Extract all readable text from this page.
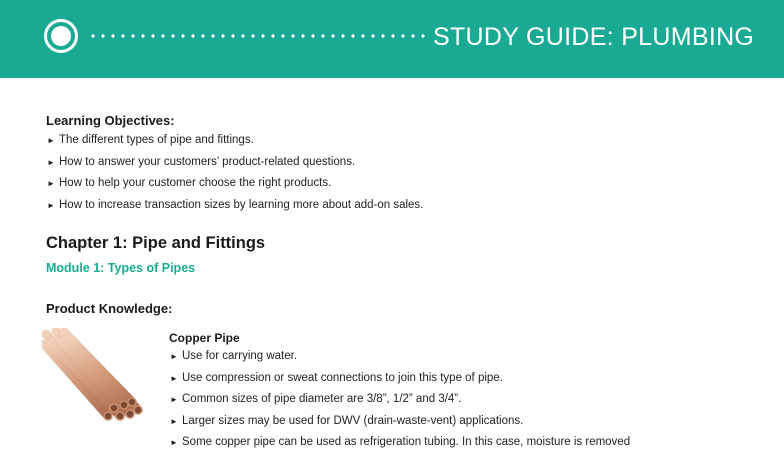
STUDY GUIDE: PLUMBING
Learning Objectives:
► The different types of pipe and fittings.
► How to answer your customers’ product-related questions.
► How to help your customer choose the right products.
► How to increase transaction sizes by learning more about add-on sales.
Chapter 1: Pipe and Fittings
Module 1: Types of Pipes
Product Knowledge:
Copper Pipe
► Use for carrying water.
► Use compression or sweat connections to join this type of pipe.
► Common sizes of pipe diameter are 3/8”, 1/2” and 3/4”.
► Larger sizes may be used for DWV (drain-waste-vent) applications.
► Some copper pipe can be used as refrigeration tubing. In this case, moisture is removed
